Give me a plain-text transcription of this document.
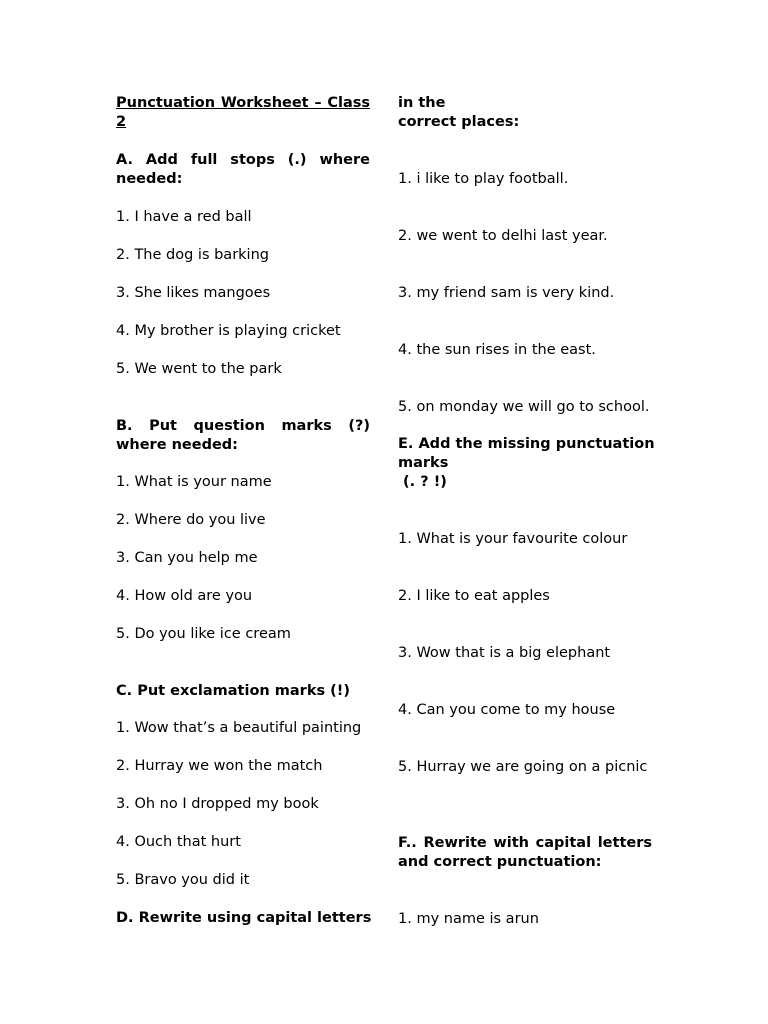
Punctuation Worksheet – Class 2
A. Add full stops (.) where needed:
1. I have a red ball
2. The dog is barking
3. She likes mangoes
4. My brother is playing cricket
5. We went to the park
B. Put question marks (?) where needed:
1. What is your name
2. Where do you live
3. Can you help me
4. How old are you
5. Do you like ice cream
C. Put exclamation marks (!)
1. Wow that’s a beautiful painting
2. Hurray we won the match
3. Oh no I dropped my book
4. Ouch that hurt
5. Bravo you did it
D. Rewrite using capital letters
in the
correct places:
1. i like to play football.
2. we went to delhi last year.
3. my friend sam is very kind.
4. the sun rises in the east.
5. on monday we will go to school.
E. Add the missing punctuation
marks
(. ? !)
1. What is your favourite colour
2. I like to eat apples
3. Wow that is a big elephant
4. Can you come to my house
5. Hurray we are going on a picnic
F.. Rewrite with capital letters and correct punctuation:
1. my name is arun
